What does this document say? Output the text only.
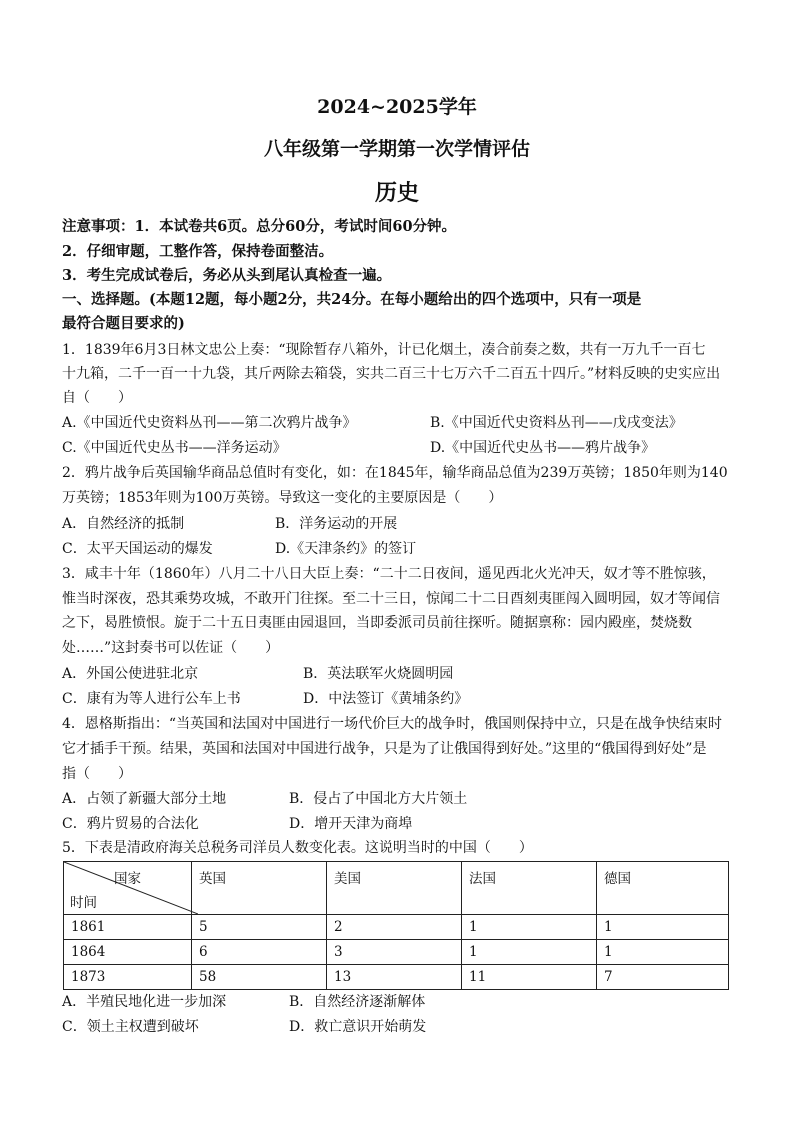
2024~2025学年
八年级第一学期第一次学情评估
历史
注意事项：1．本试卷共6页。总分60分，考试时间60分钟。
2．仔细审题，工整作答，保持卷面整洁。
3．考生完成试卷后，务必从头到尾认真检查一遍。
一、选择题。(本题12题，每小题2分，共24分。在每小题给出的四个选项中，只有一项是
最符合题目要求的)
1．1839年6月3日林文忠公上奏：“现除暂存八箱外，计已化烟土，凑合前奏之数，共有一万九千一百七
十九箱，二千一百一十九袋，其斤两除去箱袋，实共二百三十七万六千二百五十四斤。”材料反映的史实应出
自（　　）
A.《中国近代史资料丛刊——第二次鸦片战争》	B.《中国近代史资料丛刊——戊戌变法》
C.《中国近代史丛书——洋务运动》	D.《中国近代史丛书——鸦片战争》
2．鸦片战争后英国输华商品总值时有变化，如：在1845年，输华商品总值为239万英镑；1850年则为140
万英镑；1853年则为100万英镑。导致这一变化的主要原因是（　　）
A．自然经济的抵制	B．洋务运动的开展
C．太平天国运动的爆发	D.《天津条约》的签订
3．咸丰十年（1860年）八月二十八日大臣上奏：“二十二日夜间，遥见西北火光冲天，奴才等不胜惊骇，
惟当时深夜，恐其乘势攻城，不敢开门往探。至二十三日，惊闻二十二日酉刻夷匪闯入圆明园，奴才等闻信
之下，曷胜愤恨。旋于二十五日夷匪由园退回，当即委派司员前往探听。随据禀称：园内殿座，焚烧数
处……”这封奏书可以佐证（　　）
A．外国公使进驻北京	B．英法联军火烧圆明园
C．康有为等人进行公车上书	D．中法签订《黄埔条约》
4．恩格斯指出：“当英国和法国对中国进行一场代价巨大的战争时，俄国则保持中立，只是在战争快结束时
它才插手干预。结果，英国和法国对中国进行战争，只是为了让俄国得到好处。”这里的“俄国得到好处”是
指（　　）
A．占领了新疆大部分土地	B．侵占了中国北方大片领土
C．鸦片贸易的合法化	D．增开天津为商埠
5．下表是清政府海关总税务司洋员人数变化表。这说明当时的中国（　　）
国家
时间	英国	美国	法国	德国
1861	5	2	1	1
1864	6	3	1	1
1873	58	13	11	7
A．半殖民地化进一步加深	B．自然经济逐渐解体
C．领土主权遭到破坏	D．救亡意识开始萌发
